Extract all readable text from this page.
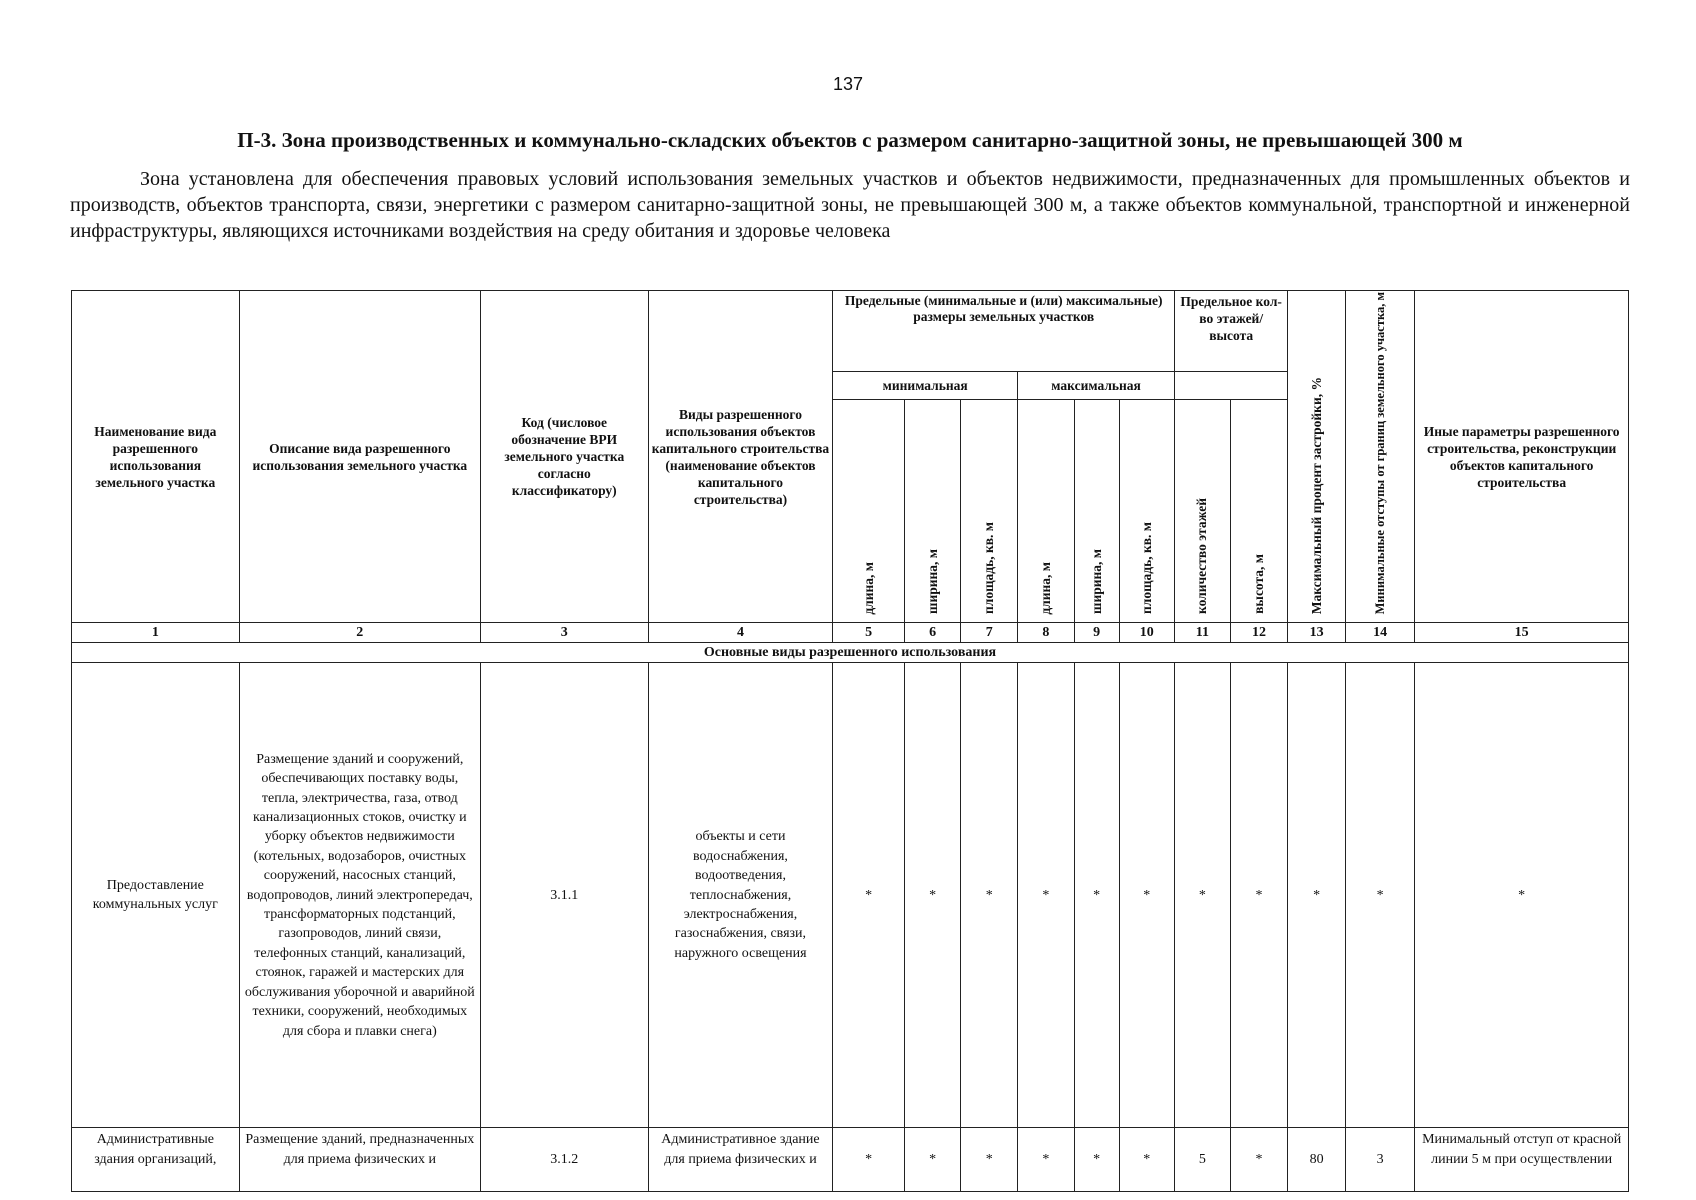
137
П-3. Зона производственных и коммунально-складских объектов с размером санитарно-защитной зоны, не превышающей 300 м

Зона установлена для обеспечения правовых условий использования земельных участков и объектов недвижимости, предназначенных для промышленных объектов и производств, объектов транспорта, связи, энергетики с размером санитарно-защитной зоны, не превышающей 300 м, а также объектов коммунальной, транспортной и инженерной инфраструктуры, являющихся источниками воздействия на среду обитания и здоровье человека

Наименование вида разрешенного использования земельного участка	Описание вида разрешенного использования земельного участка	Код (числовое обозначение ВРИ земельного участка согласно классификатору)	Виды разрешенного использования объектов капитального строительства (наименование объектов капитального строительства)	Предельные (минимальные и (или) максимальные) размеры земельных участков						Предельное кол-во этажей/высота		Максимальный процент застройки, %	Минимальные отступы от границ земельного участка, м	Иные параметры разрешенного строительства, реконструкции объектов капитального строительства
				минимальная			максимальная							
				длина, м	ширина, м	площадь, кв. м	длина, м	ширина, м	площадь, кв. м	количество этажей	высота, м			
1	2	3	4	5	6	7	8	9	10	11	12	13	14	15
Основные виды разрешенного использования														
Предоставление коммунальных услуг	Размещение зданий и сооружений, обеспечивающих поставку воды, тепла, электричества, газа, отвод канализационных стоков, очистку и уборку объектов недвижимости (котельных, водозаборов, очистных сооружений, насосных станций, водопроводов, линий электропередач, трансформаторных подстанций, газопроводов, линий связи, телефонных станций, канализаций, стоянок, гаражей и мастерских для обслуживания уборочной и аварийной техники, сооружений, необходимых для сбора и плавки снега)	3.1.1	объекты и сети водоснабжения, водоотведения, теплоснабжения, электроснабжения, газоснабжения, связи, наружного освещения	*	*	*	*	*	*	*	*	*	*	*
Административные здания организаций,	Размещение зданий, предназначенных для приема физических и	3.1.2	Административное здание для приема физических и	*	*	*	*	*	*	5	*	80	3	Минимальный отступ от красной линии 5 м при осуществлении
